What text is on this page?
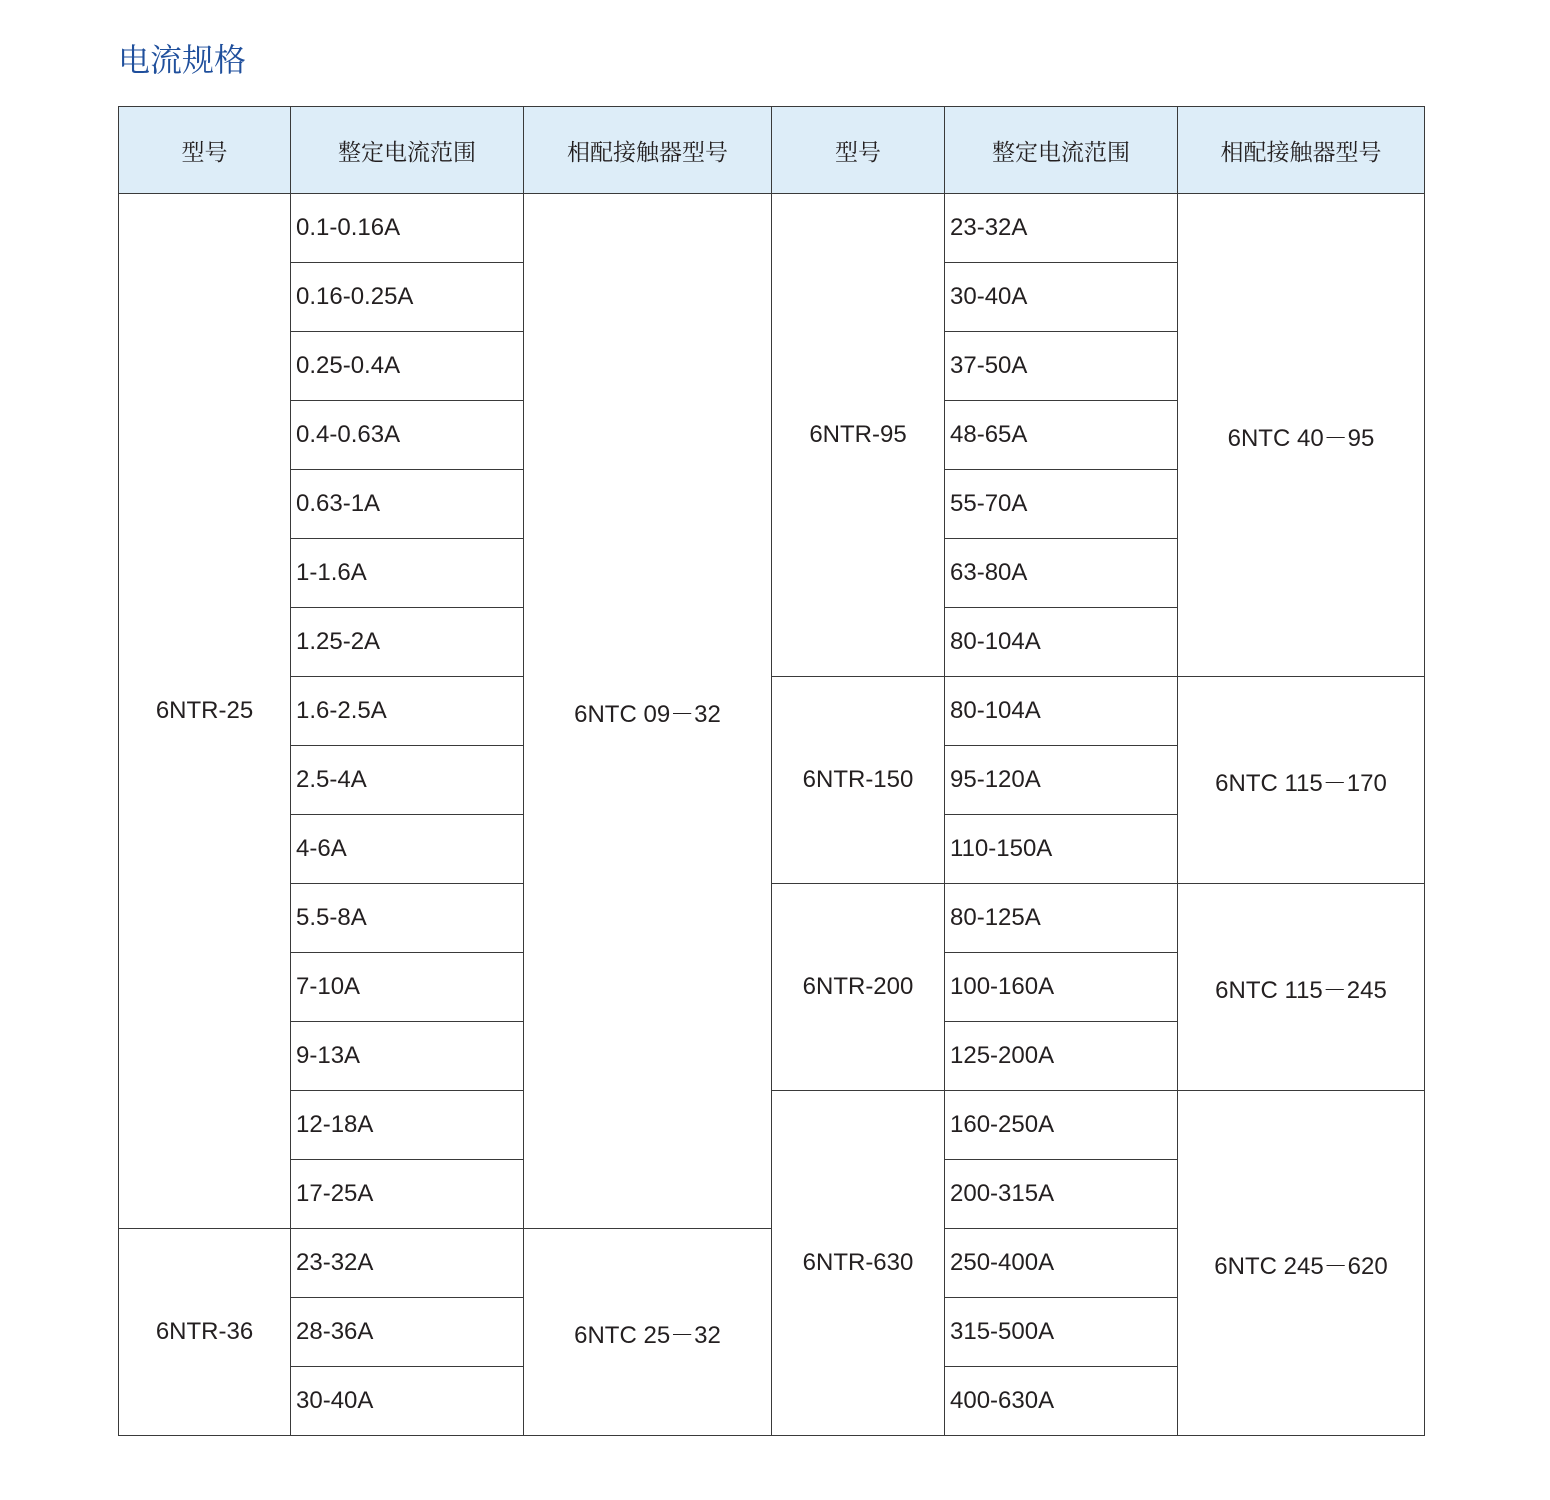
电流规格
型号	整定电流范围	相配接触器型号	型号	整定电流范围	相配接触器型号
6NTR-25	0.1-0.16A	6NTC 09－32	6NTR-95	23-32A	6NTC 40－95
	0.16-0.25A			30-40A	
	0.25-0.4A			37-50A	
	0.4-0.63A			48-65A	
	0.63-1A			55-70A	
	1-1.6A			63-80A	
	1.25-2A			80-104A	
	1.6-2.5A		6NTR-150	80-104A	6NTC 115－170
	2.5-4A			95-120A	
	4-6A			110-150A	
	5.5-8A		6NTR-200	80-125A	6NTC 115－245
	7-10A			100-160A	
	9-13A			125-200A	
	12-18A		6NTR-630	160-250A	6NTC 245－620
	17-25A			200-315A	
6NTR-36	23-32A	6NTC 25－32		250-400A	
	28-36A			315-500A	
	30-40A			400-630A	
